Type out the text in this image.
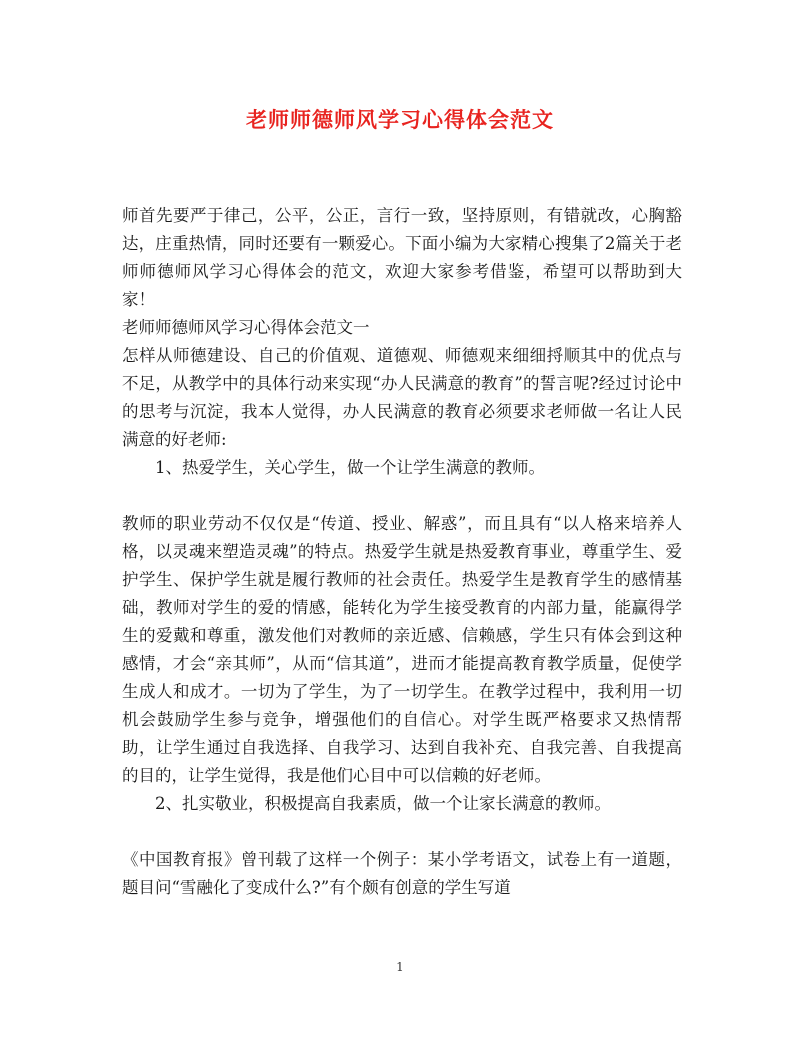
老师师德师风学习心得体会范文

师首先要严于律己，公平，公正，言行一致，坚持原则，有错就改，心胸豁达，庄重热情，同时还要有一颗爱心。下面小编为大家精心搜集了2篇关于老师师德师风学习心得体会的范文，欢迎大家参考借鉴，希望可以帮助到大家！

老师师德师风学习心得体会范文一

怎样从师德建设、自己的价值观、道德观、师德观来细细捋顺其中的优点与不足，从教学中的具体行动来实现“办人民满意的教育”的誓言呢?经过讨论中的思考与沉淀，我本人觉得，办人民满意的教育必须要求老师做一名让人民满意的好老师:

1、热爱学生，关心学生，做一个让学生满意的教师。

教师的职业劳动不仅仅是“传道、授业、解惑”，而且具有“以人格来培养人格，以灵魂来塑造灵魂”的特点。热爱学生就是热爱教育事业，尊重学生、爱护学生、保护学生就是履行教师的社会责任。热爱学生是教育学生的感情基础，教师对学生的爱的情感，能转化为学生接受教育的内部力量，能赢得学生的爱戴和尊重，激发他们对教师的亲近感、信赖感，学生只有体会到这种感情，才会“亲其师”，从而“信其道”，进而才能提高教育教学质量，促使学生成人和成才。一切为了学生，为了一切学生。在教学过程中，我利用一切机会鼓励学生参与竞争，增强他们的自信心。对学生既严格要求又热情帮助，让学生通过自我选择、自我学习、达到自我补充、自我完善、自我提高的目的，让学生觉得，我是他们心目中可以信赖的好老师。

2、扎实敬业，积极提高自我素质，做一个让家长满意的教师。

《中国教育报》曾刊载了这样一个例子：某小学考语文，试卷上有一道题，题目问“雪融化了变成什么?”有个颇有创意的学生写道

1
